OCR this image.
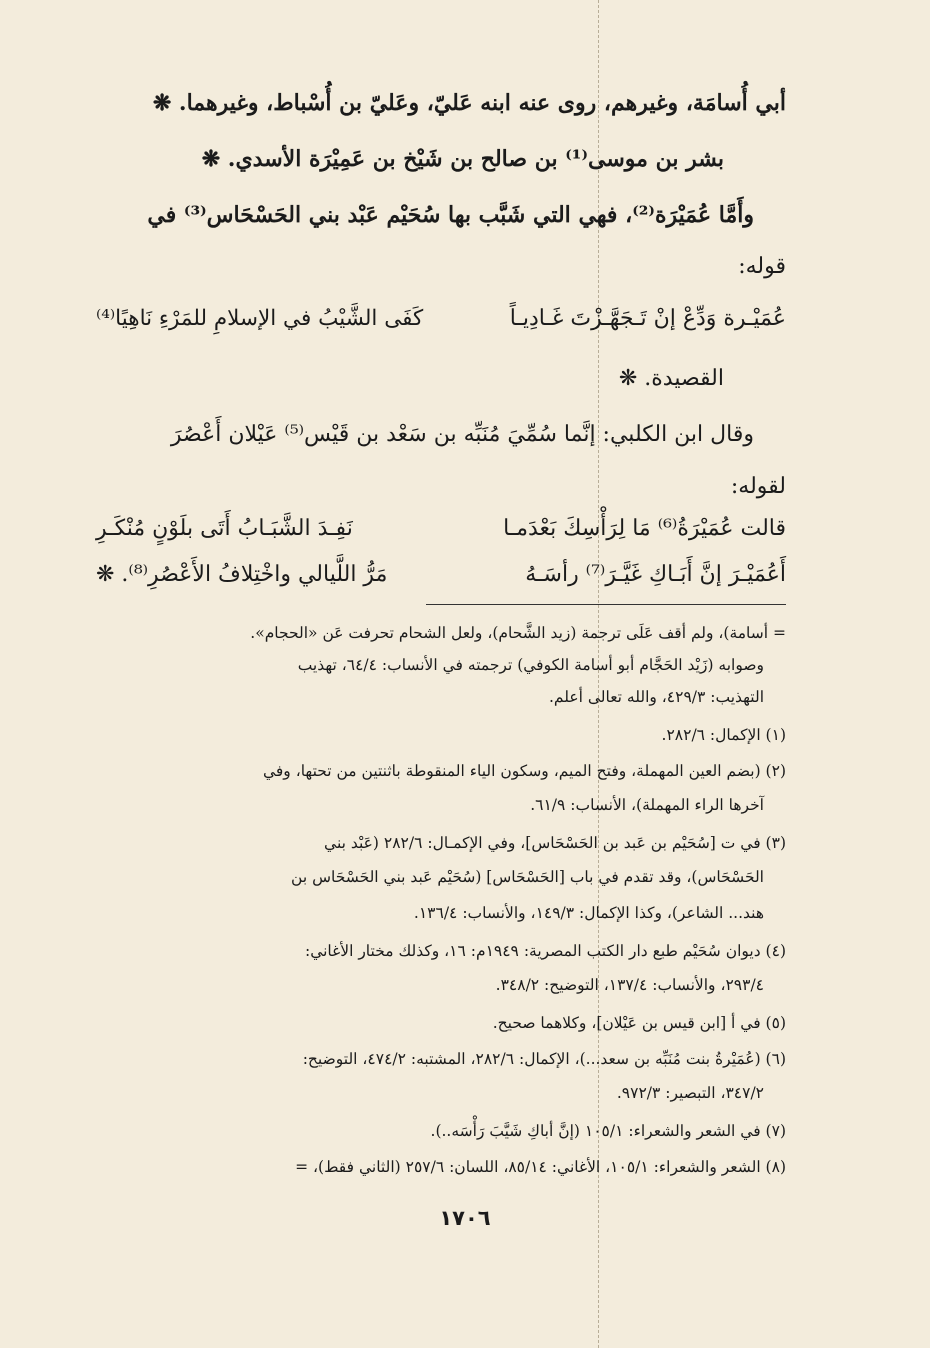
أبي أُسامَة، وغيرهم، روى عنه ابنه عَليّ، وعَليّ بن أُسْباط، وغيرهما. ❋
بشر بن موسى⁽¹⁾ بن صالح بن شَيْخ بن عَمِيْرَة الأسدي. ❋
وأَمَّا عُمَيْرَة⁽²⁾، فهي التي شَبَّب بها سُحَيْم عَبْد بني الحَسْحَاس⁽³⁾ في
قوله:
عُمَيْـرة وَدِّعْ إنْ تَـجَهَّـزْتَ غَـادِيـاً
كَفَى الشَّيْبُ في الإسلامِ للمَرْءِ نَاهِيًا⁽⁴⁾
القصيدة. ❋
وقال ابن الكلبي: إنَّما سُمِّيَ مُنَبِّه بن سَعْد بن قَيْس⁽⁵⁾ عَيْلان أَعْصُرَ
لقوله:
قالت عُمَيْرَةُ⁽⁶⁾ مَا لِرَأْسِكَ بَعْدَمـا
نَفِـدَ الشَّبَـابُ أَتَى بلَوْنٍ مُنْكَـرِ
أَعُمَيْـرَ إنَّ أَبَـاكِ غَيَّـرَ⁽⁷⁾ رأسَـهُ
مَرُّ اللَّيالي واخْتِلافُ الأَعْصُرِ⁽⁸⁾. ❋
= أسامة)، ولم أقف عَلَى ترجمة (زيد الشَّحام)، ولعل الشحام تحرفت عَن «الحجام».
وصوابه (زَيْد الحَجَّام أبو أسامة الكوفي) ترجمته في الأنساب: ٦٤/٤، تهذيب
التهذيب: ٤٢٩/٣، والله تعالى أعلم.
(١) الإكمال: ٢٨٢/٦.
(٢) (بضم العين المهملة، وفتح الميم، وسكون الياء المنقوطة باثنتين من تحتها، وفي
آخرها الراء المهملة)، الأنساب: ٦١/٩.
(٣) في ت [سُحَيْم بن عَبد بن الحَسْحَاس]، وفي الإكمـال: ٢٨٢/٦ (عَبْد بني
الحَسْحَاس)، وقد تقدم في باب [الحَسْحَاس] (سُحَيْم عَبد بني الحَسْحَاس بن
هند... الشاعر)، وكذا الإكمال: ١٤٩/٣، والأنساب: ١٣٦/٤.
(٤) ديوان سُحَيْم طبع دار الكتب المصرية: ١٩٤٩م: ١٦، وكذلك مختار الأغاني:
٢٩٣/٤، والأنساب: ١٣٧/٤، التوضيح: ٣٤٨/٢.
(٥) في أ [ابن قيس بن عَيْلان]، وكلاهما صحيح.
(٦) (عُمَيْرةُ بنت مُنَبِّه بن سعد...)، الإكمال: ٢٨٢/٦، المشتبه: ٤٧٤/٢، التوضيح:
٣٤٧/٢، التبصير: ٩٧٢/٣.
(٧) في الشعر والشعراء: ١٠٥/١ (إنَّ أباكِ شَيَّبَ رَأْسَه..).
(٨) الشعر والشعراء: ١٠٥/١، الأغاني: ٨٥/١٤، اللسان: ٢٥٧/٦ (الثاني فقط)، =
١٧٠٦
